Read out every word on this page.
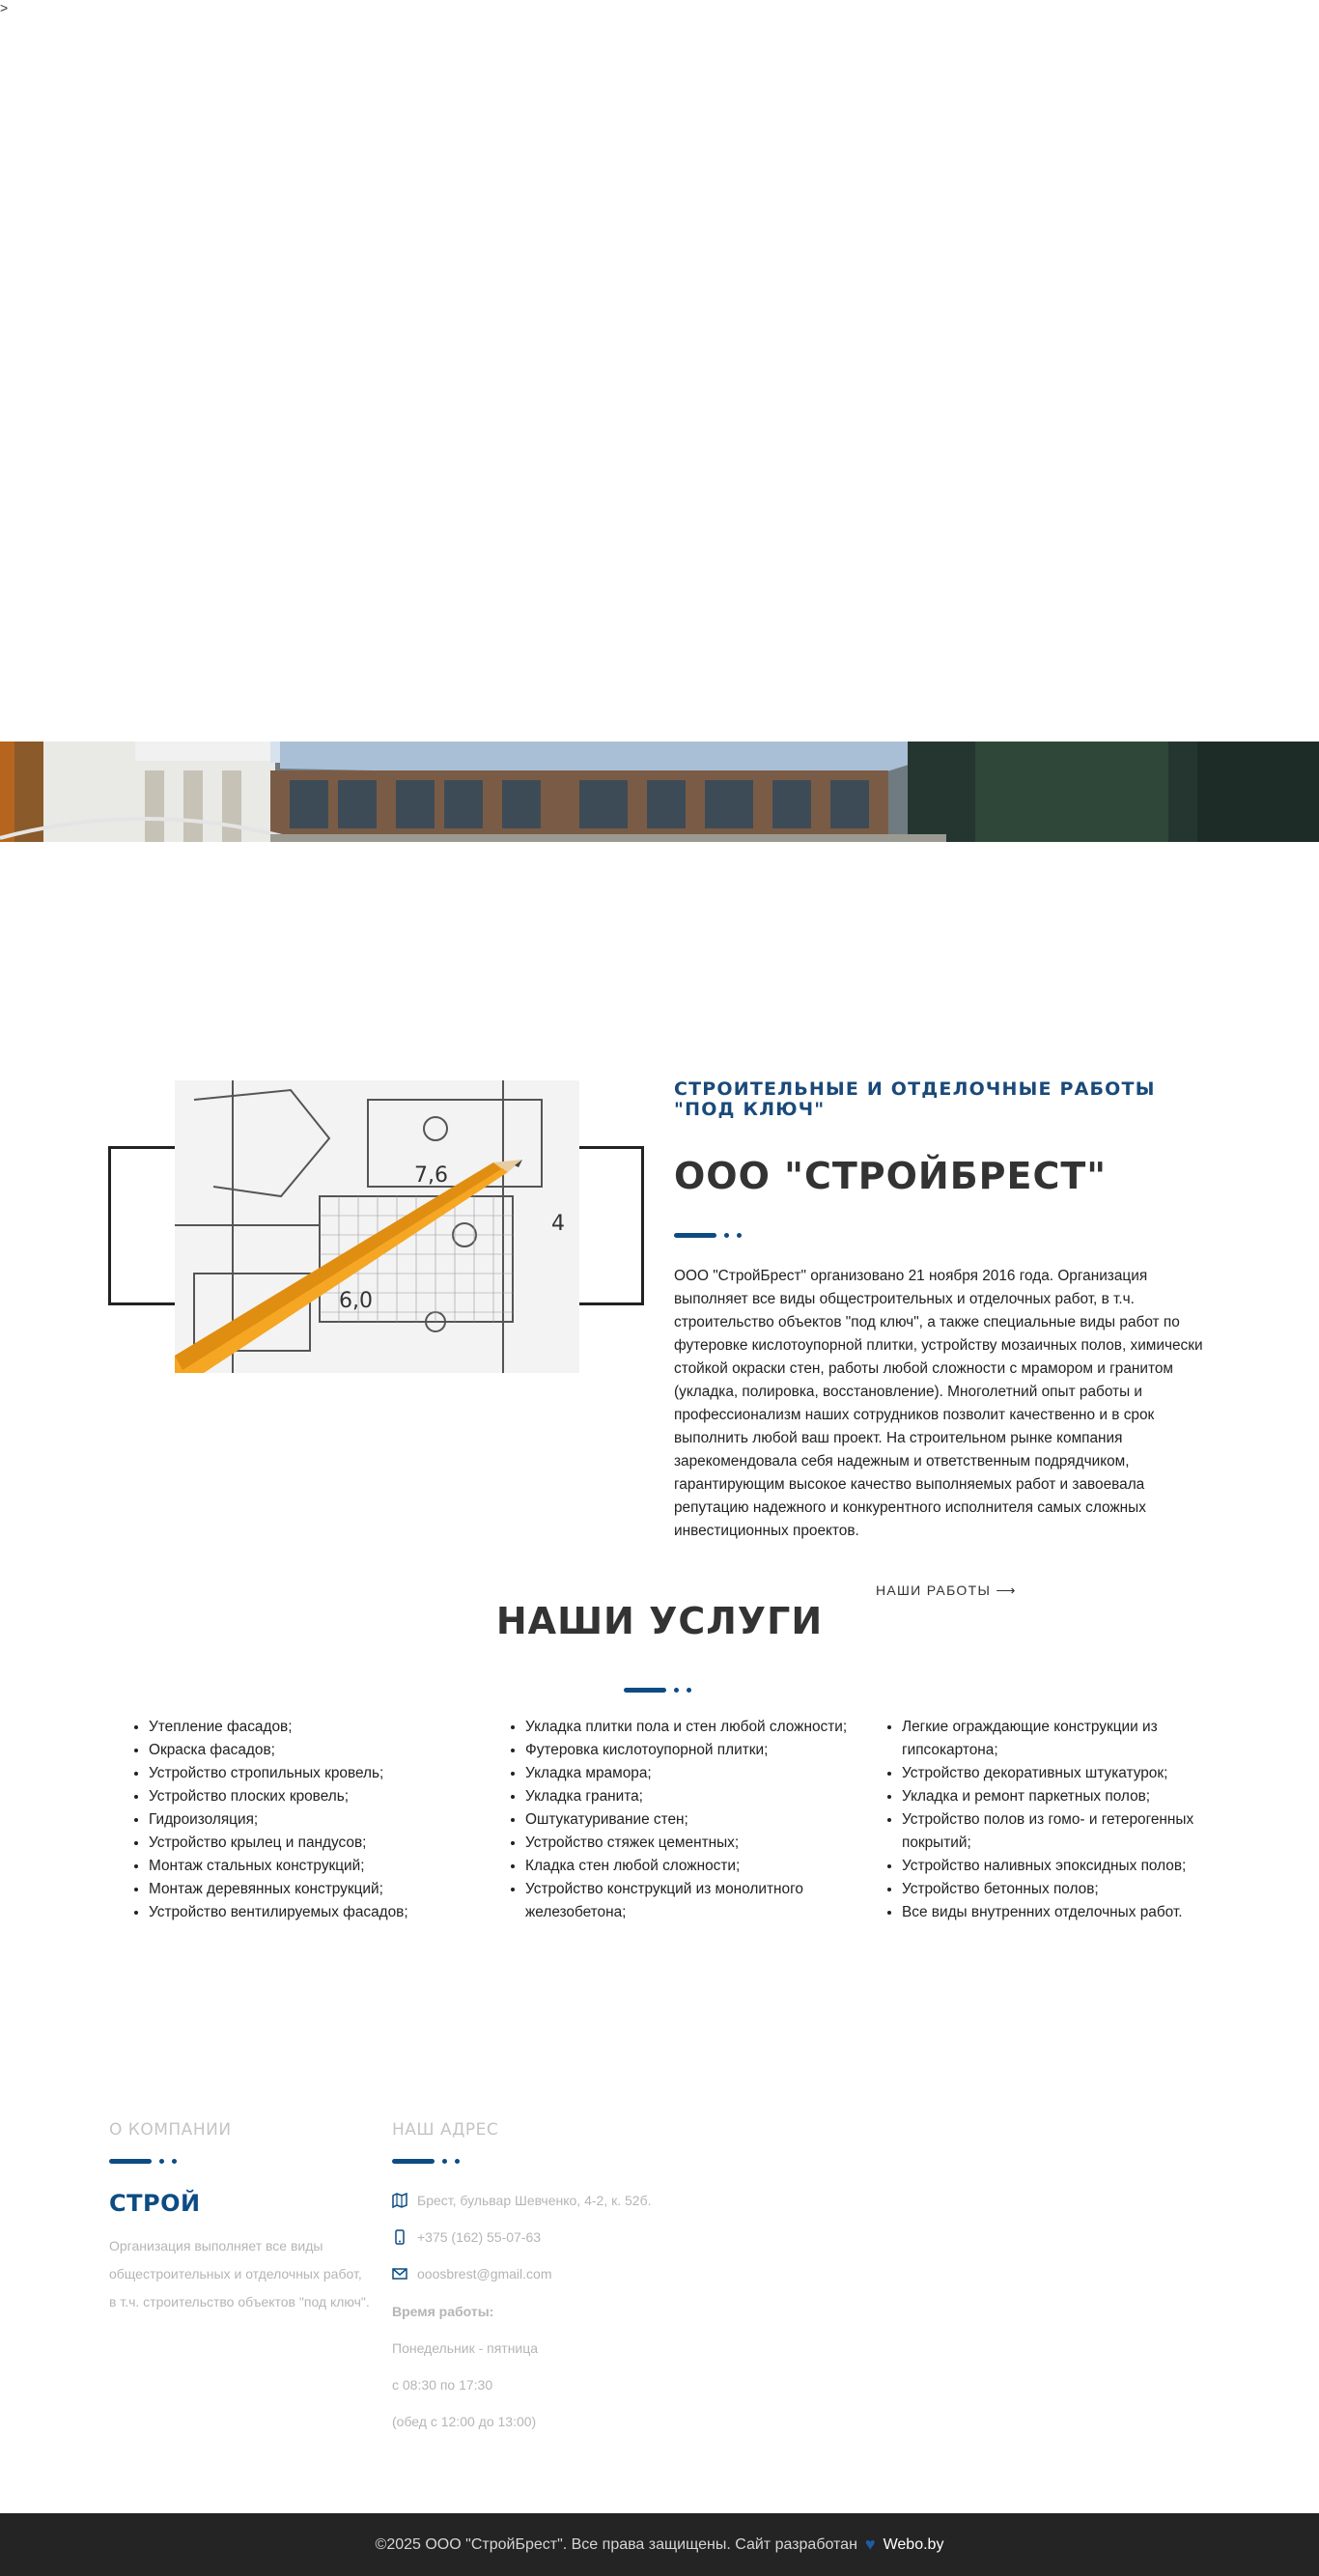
>
7,6
6,0
4
СТРОИТЕЛЬНЫЕ И ОТДЕЛОЧНЫЕ РАБОТЫ "ПОД КЛЮЧ"
ООО "СТРОЙБРЕСТ"
ООО "СтройБрест" организовано 21 ноября 2016 года. Организация выполняет все виды общестроительных и отделочных работ, в т.ч. строительство объектов "под ключ", а также специальные виды работ по футеровке кислотоупорной плитки, устройству мозаичных полов, химически стойкой окраски стен, работы любой сложности с мрамором и гранитом (укладка, полировка, восстановление). Многолетний опыт работы и профессионализм наших сотрудников позволит качественно и в срок выполнить любой ваш проект. На строительном рынке компания зарекомендовала себя надежным и ответственным подрядчиком, гарантирующим высокое качество выполняемых работ и завоевала репутацию надежного и конкурентного исполнителя самых сложных инвестиционных проектов.
НАШИ РАБОТЫ ⟶
НАШИ УСЛУГИ
• Утепление фасадов;
• Окраска фасадов;
• Устройство стропильных кровель;
• Устройство плоских кровель;
• Гидроизоляция;
• Устройство крылец и пандусов;
• Монтаж стальных конструкций;
• Монтаж деревянных конструкций;
• Устройство вентилируемых фасадов;
• Укладка плитки пола и стен любой сложности;
• Футеровка кислотоупорной плитки;
• Укладка мрамора;
• Укладка гранита;
• Оштукатуривание стен;
• Устройство стяжек цементных;
• Кладка стен любой сложности;
• Устройство конструкций из монолитного железобетона;
• Легкие ограждающие конструкции из гипсокартона;
• Устройство декоративных штукатурок;
• Укладка и ремонт паркетных полов;
• Устройство полов из гомо- и гетерогенных покрытий;
• Устройство наливных эпоксидных полов;
• Устройство бетонных полов;
• Все виды внутренних отделочных работ.
О КОМПАНИИ
СТРОЙ
Организация выполняет все виды общестроительных и отделочных работ, в т.ч. строительство объектов "под ключ".
НАШ АДРЕС
Брест, бульвар Шевченко, 4-2, к. 52б.
+375 (162) 55-07-63
ooosbrest@gmail.com
Время работы:
Понедельник - пятница
с 08:30 по 17:30
(обед с 12:00 до 13:00)
©2025 ООО "СтройБрест". Все права защищены. Сайт разработан ♥ Webo.by
